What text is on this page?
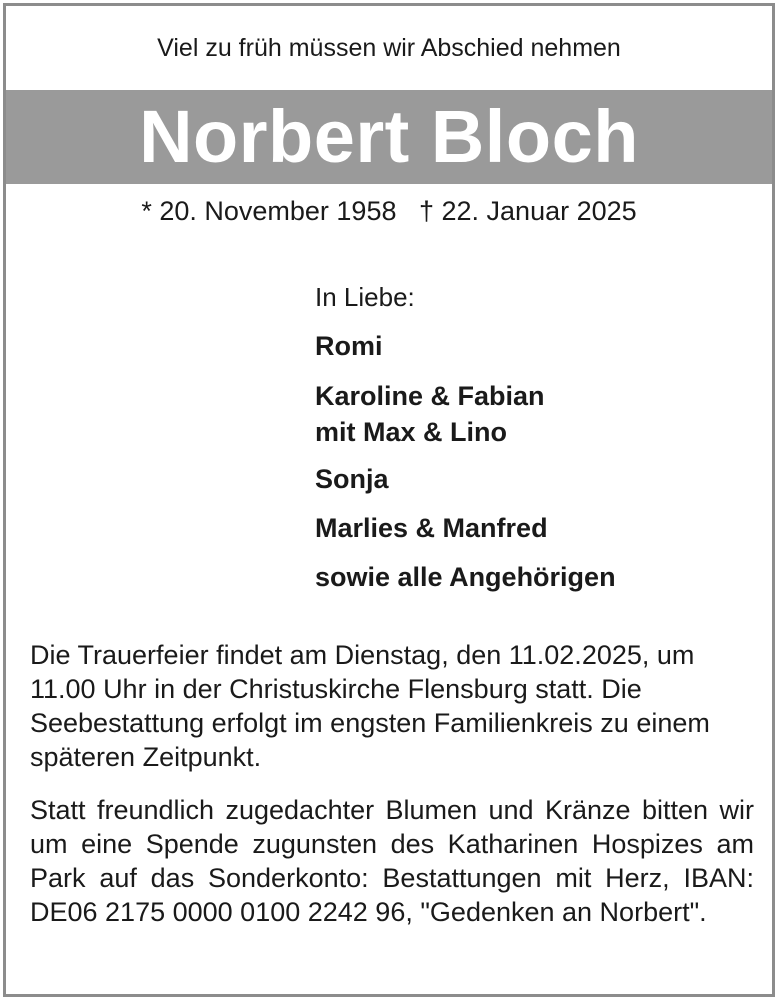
Viel zu früh müssen wir Abschied nehmen
Norbert Bloch
* 20. November 1958   † 22. Januar 2025
In Liebe:
Romi
Karoline & Fabian
mit Max & Lino
Sonja
Marlies & Manfred
sowie alle Angehörigen
Die Trauerfeier findet am Dienstag, den 11.02.2025, um 11.00 Uhr in der Christuskirche Flensburg statt. Die Seebestattung erfolgt im engsten Familienkreis zu einem späteren Zeitpunkt.
Statt freundlich zugedachter Blumen und Kränze bitten wir um eine Spende zugunsten des Katharinen Hospizes am Park auf das Sonderkonto: Bestattungen mit Herz, IBAN: DE06 2175 0000 0100 2242 96, "Gedenken an Norbert".
